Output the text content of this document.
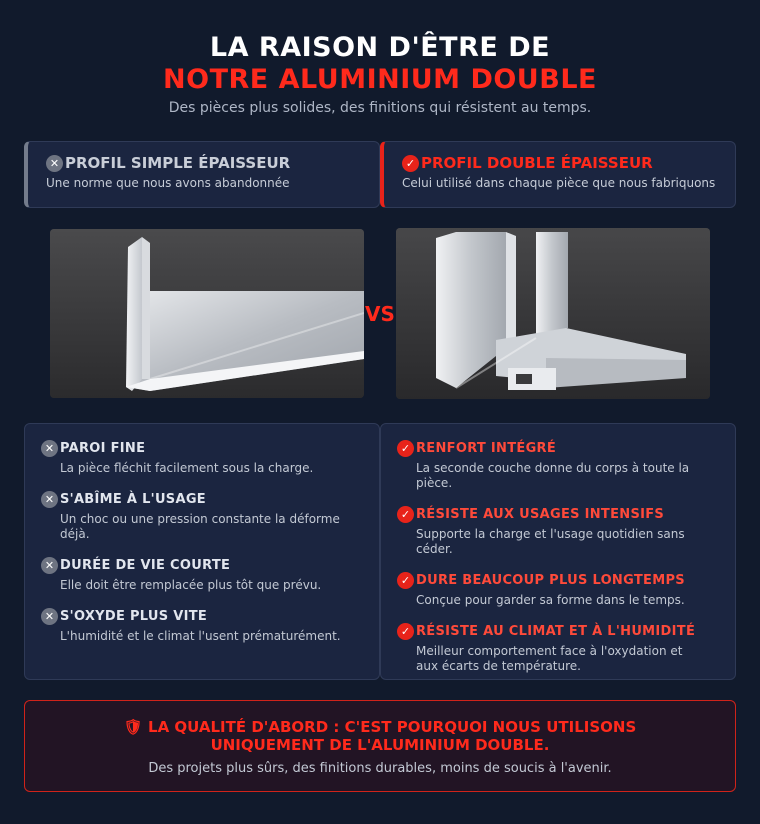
LA RAISON D'ÊTRE DE
NOTRE ALUMINIUM DOUBLE
Des pièces plus solides, des finitions qui résistent au temps.
✕ PROFIL SIMPLE ÉPAISSEUR
Une norme que nous avons abandonnée
✓ PROFIL DOUBLE ÉPAISSEUR
Celui utilisé dans chaque pièce que nous fabriquons
VS
✕ PAROI FINE
La pièce fléchit facilement sous la charge.
✕ S'ABÎME À L'USAGE
Un choc ou une pression constante la déforme déjà.
✕ DURÉE DE VIE COURTE
Elle doit être remplacée plus tôt que prévu.
✕ S'OXYDE PLUS VITE
L'humidité et le climat l'usent prématurément.
✓ RENFORT INTÉGRÉ
La seconde couche donne du corps à toute la pièce.
✓ RÉSISTE AUX USAGES INTENSIFS
Supporte la charge et l'usage quotidien sans céder.
✓ DURE BEAUCOUP PLUS LONGTEMPS
Conçue pour garder sa forme dans le temps.
✓ RÉSISTE AU CLIMAT ET À L'HUMIDITÉ
Meilleur comportement face à l'oxydation et aux écarts de température.
🛡 LA QUALITÉ D'ABORD : C'EST POURQUOI NOUS UTILISONS UNIQUEMENT DE L'ALUMINIUM DOUBLE.
Des projets plus sûrs, des finitions durables, moins de soucis à l'avenir.
